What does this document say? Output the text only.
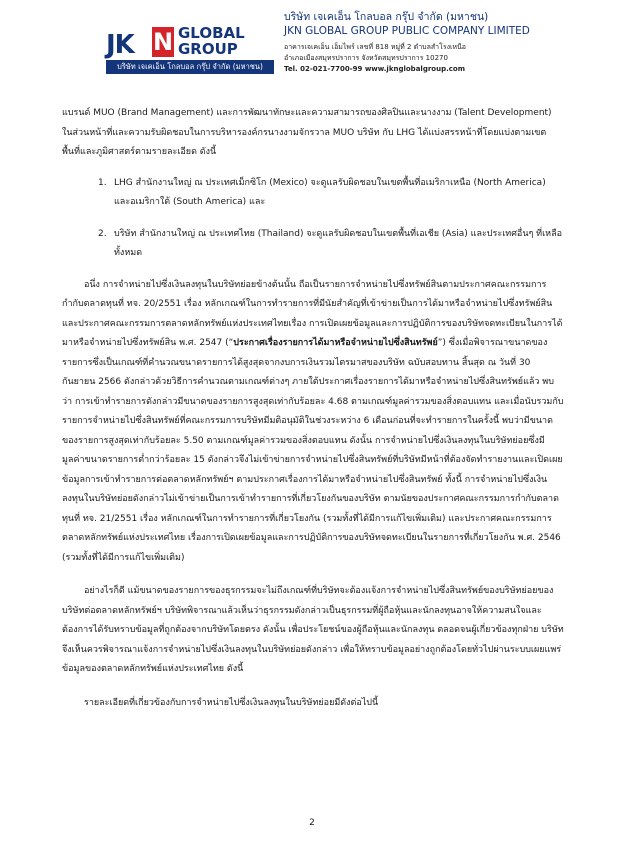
JK N GLOBAL
GROUP
บริษัท เจเคเอ็น โกลบอล กรุ๊ป จำกัด (มหาชน)
บริษัท เจเคเอ็น โกลบอล กรุ๊ป จำกัด (มหาชน)
JKN GLOBAL GROUP PUBLIC COMPANY LIMITED
อาคารเจเคเอ็น เอ็มไพร์ เลขที่ 818 หมู่ที่ 2 ตำบลสำโรงเหนือ
อำเภอเมืองสมุทรปราการ จังหวัดสมุทรปราการ 10270
Tel. 02-021-7700-99 www.jknglobalgroup.com

แบรนด์ MUO (Brand Management) และการพัฒนาทักษะและความสามารถของศิลปินและนางงาม (Talent Development) ในส่วนหน้าที่และความรับผิดชอบในการบริหารองค์กรนางงามจักรวาล MUO บริษัท กับ LHG ได้แบ่งสรรหน้าที่โดยแบ่งตามเขตพื้นที่และภูมิศาสตร์ตามรายละเอียด ดังนี้

1. LHG สำนักงานใหญ่ ณ ประเทศเม็กซิโก (Mexico) จะดูแลรับผิดชอบในเขตพื้นที่อเมริกาเหนือ (North America) และอเมริกาใต้ (South America) และ
2. บริษัท สำนักงานใหญ่ ณ ประเทศไทย (Thailand) จะดูแลรับผิดชอบในเขตพื้นที่เอเชีย (Asia) และประเทศอื่นๆ ที่เหลือทั้งหมด

อนึ่ง การจำหน่ายไปซึ่งเงินลงทุนในบริษัทย่อยข้างต้นนั้น ถือเป็นรายการจำหน่ายไปซึ่งทรัพย์สินตามประกาศคณะกรรมการกำกับตลาดทุนที่ ทจ. 20/2551 เรื่อง หลักเกณฑ์ในการทำรายการที่มีนัยสำคัญที่เข้าข่ายเป็นการได้มาหรือจำหน่ายไปซึ่งทรัพย์สิน และประกาศคณะกรรมการตลาดหลักทรัพย์แห่งประเทศไทยเรื่อง การเปิดเผยข้อมูลและการปฏิบัติการของบริษัทจดทะเบียนในการได้มาหรือจำหน่ายไปซึ่งทรัพย์สิน พ.ศ. 2547 (“ประกาศเรื่องรายการได้มาหรือจำหน่ายไปซึ่งสินทรัพย์”) ซึ่งเมื่อพิจารณาขนาดของรายการซึ่งเป็นเกณฑ์ที่คำนวณขนาดรายการได้สูงสุดจากงบการเงินรวมไตรมาสของบริษัท ฉบับสอบทาน สิ้นสุด ณ วันที่ 30 กันยายน 2566 ดังกล่าวด้วยวิธีการคำนวณตามเกณฑ์ต่างๆ ภายใต้ประกาศเรื่องรายการได้มาหรือจำหน่ายไปซึ่งสินทรัพย์แล้ว พบว่า การเข้าทำรายการดังกล่าวมีขนาดของรายการสูงสุดเท่ากับร้อยละ 4.68 ตามเกณฑ์มูลค่ารวมของสิ่งตอบแทน และเมื่อนับรวมกับรายการจำหน่ายไปซึ่งสินทรัพย์ที่คณะกรรมการบริษัทมีมติอนุมัติในช่วงระหว่าง 6 เดือนก่อนที่จะทำรายการในครั้งนี้ พบว่ามีขนาดของรายการสูงสุดเท่ากับร้อยละ 5.50 ตามเกณฑ์มูลค่ารวมของสิ่งตอบแทน ดังนั้น การจำหน่ายไปซึ่งเงินลงทุนในบริษัทย่อยซึ่งมีมูลค่าขนาดรายการต่ำกว่าร้อยละ 15 ดังกล่าวจึงไม่เข้าข่ายการจำหน่ายไปซึ่งสินทรัพย์ที่บริษัทมีหน้าที่ต้องจัดทำรายงานและเปิดเผยข้อมูลการเข้าทำรายการต่อตลาดหลักทรัพย์ฯ ตามประกาศเรื่องการได้มาหรือจำหน่ายไปซึ่งสินทรัพย์ ทั้งนี้ การจำหน่ายไปซึ่งเงินลงทุนในบริษัทย่อยดังกล่าวไม่เข้าข่ายเป็นการเข้าทำรายการที่เกี่ยวโยงกันของบริษัท ตามนัยของประกาศคณะกรรมการกำกับตลาดทุนที่ ทจ. 21/2551 เรื่อง หลักเกณฑ์ในการทำรายการที่เกี่ยวโยงกัน (รวมทั้งที่ได้มีการแก้ไขเพิ่มเติม) และประกาศคณะกรรมการตลาดหลักทรัพย์แห่งประเทศไทย เรื่องการเปิดเผยข้อมูลและการปฏิบัติการของบริษัทจดทะเบียนในรายการที่เกี่ยวโยงกัน พ.ศ. 2546 (รวมทั้งที่ได้มีการแก้ไขเพิ่มเติม)

อย่างไรก็ดี แม้ขนาดของรายการของธุรกรรมจะไม่ถึงเกณฑ์ที่บริษัทจะต้องแจ้งการจำหน่ายไปซึ่งสินทรัพย์ของบริษัทย่อยของบริษัทต่อตลาดหลักทรัพย์ฯ บริษัทพิจารณาแล้วเห็นว่าธุรกรรมดังกล่าวเป็นธุรกรรมที่ผู้ถือหุ้นและนักลงทุนอาจให้ความสนใจและต้องการได้รับทราบข้อมูลที่ถูกต้องจากบริษัทโดยตรง ดังนั้น เพื่อประโยชน์ของผู้ถือหุ้นและนักลงทุน ตลอดจนผู้เกี่ยวข้องทุกฝ่าย บริษัทจึงเห็นควรพิจารณาแจ้งการจำหน่ายไปซึ่งเงินลงทุนในบริษัทย่อยดังกล่าว เพื่อให้ทราบข้อมูลอย่างถูกต้องโดยทั่วไปผ่านระบบเผยแพร่ข้อมูลของตลาดหลักทรัพย์แห่งประเทศไทย ดังนี้

รายละเอียดที่เกี่ยวข้องกับการจำหน่ายไปซึ่งเงินลงทุนในบริษัทย่อยมีดังต่อไปนี้

2
